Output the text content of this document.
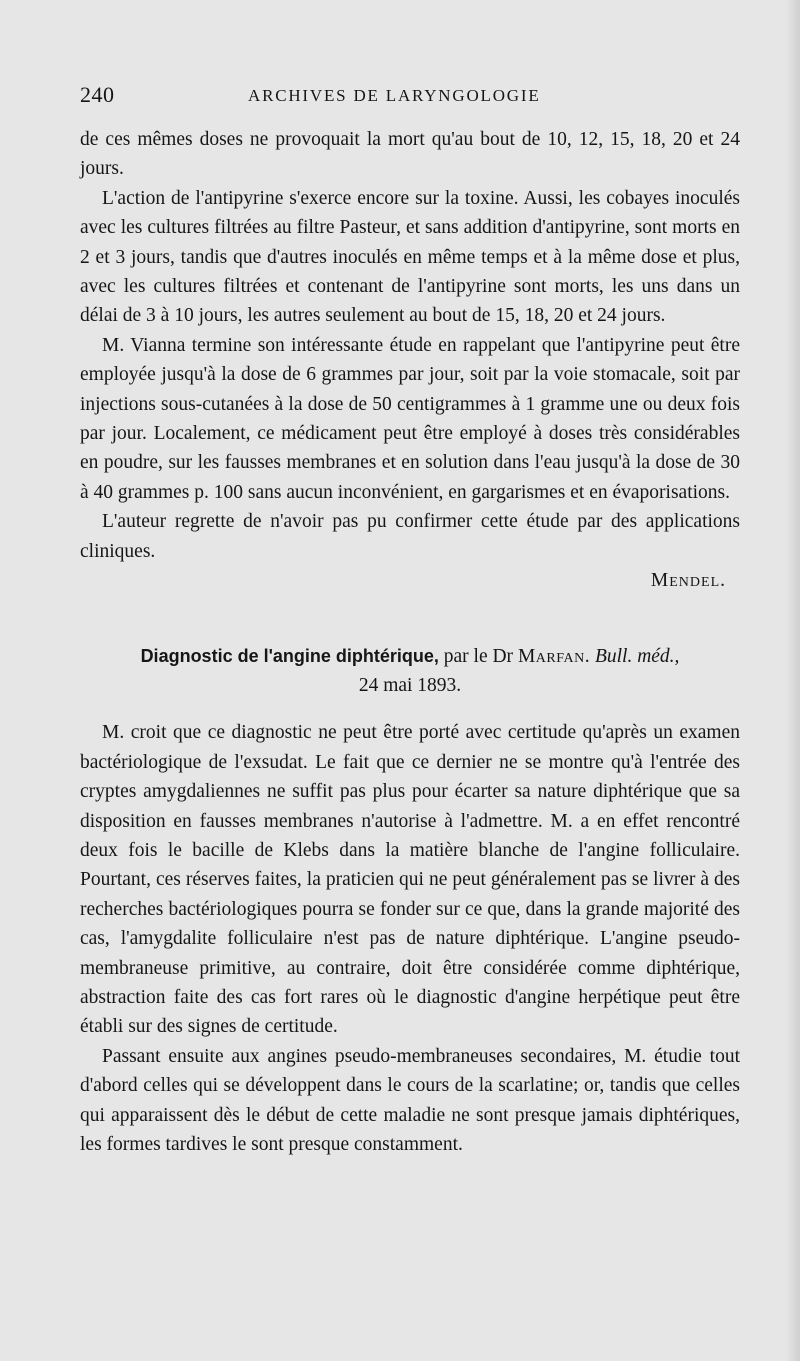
240	ARCHIVES DE LARYNGOLOGIE

de ces mêmes doses ne provoquait la mort qu'au bout de 10, 12, 15, 18, 20 et 24 jours.

L'action de l'antipyrine s'exerce encore sur la toxine. Aussi, les cobayes inoculés avec les cultures filtrées au filtre Pasteur, et sans addition d'antipyrine, sont morts en 2 et 3 jours, tandis que d'autres inoculés en même temps et à la même dose et plus, avec les cultures filtrées et contenant de l'antipyrine sont morts, les uns dans un délai de 3 à 10 jours, les autres seulement au bout de 15, 18, 20 et 24 jours.

M. Vianna termine son intéressante étude en rappelant que l'antipyrine peut être employée jusqu'à la dose de 6 grammes par jour, soit par la voie stomacale, soit par injections sous-cutanées à la dose de 50 centigrammes à 1 gramme une ou deux fois par jour. Localement, ce médicament peut être employé à doses très considérables en poudre, sur les fausses membranes et en solution dans l'eau jusqu'à la dose de 30 à 40 grammes p. 100 sans aucun inconvénient, en gargarismes et en évaporisations.

L'auteur regrette de n'avoir pas pu confirmer cette étude par des applications cliniques.

Mendel.
Diagnostic de l'angine diphtérique, par le Dr Marfan. Bull. méd.,
24 mai 1893.

M. croit que ce diagnostic ne peut être porté avec certitude qu'après un examen bactériologique de l'exsudat. Le fait que ce dernier ne se montre qu'à l'entrée des cryptes amygdaliennes ne suffit pas plus pour écarter sa nature diphtérique que sa disposition en fausses membranes n'autorise à l'admettre. M. a en effet rencontré deux fois le bacille de Klebs dans la matière blanche de l'angine folliculaire. Pourtant, ces réserves faites, la praticien qui ne peut généralement pas se livrer à des recherches bactériologiques pourra se fonder sur ce que, dans la grande majorité des cas, l'amygdalite folliculaire n'est pas de nature diphtérique. L'angine pseudo-membraneuse primitive, au contraire, doit être considérée comme diphtérique, abstraction faite des cas fort rares où le diagnostic d'angine herpétique peut être établi sur des signes de certitude.

Passant ensuite aux angines pseudo-membraneuses secondaires, M. étudie tout d'abord celles qui se développent dans le cours de la scarlatine; or, tandis que celles qui apparaissent dès le début de cette maladie ne sont presque jamais diphtériques, les formes tardives le sont presque constamment.
